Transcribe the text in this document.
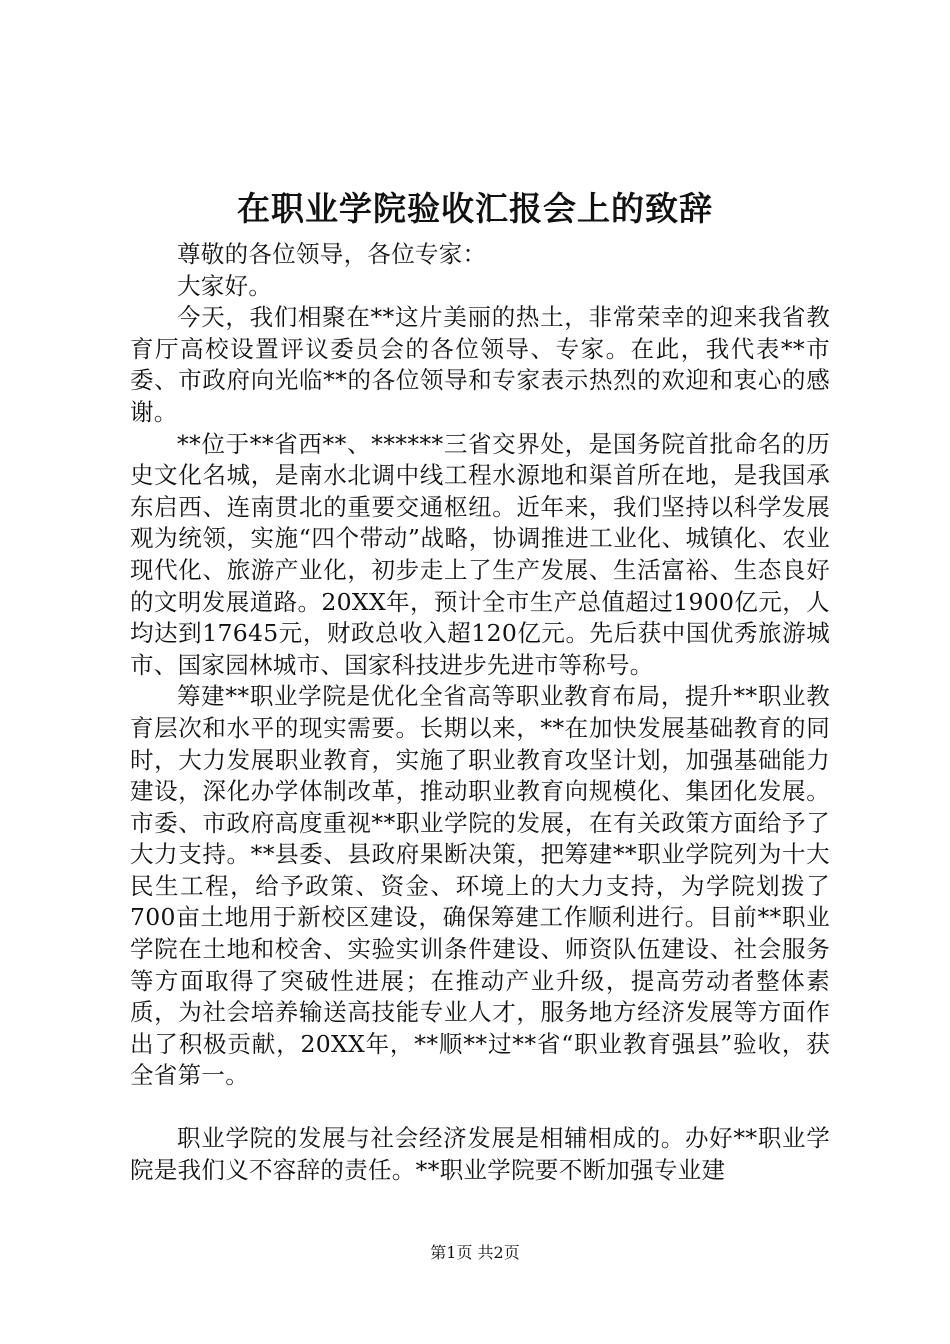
在职业学院验收汇报会上的致辞

尊敬的各位领导，各位专家：

大家好。

今天，我们相聚在**这片美丽的热土，非常荣幸的迎来我省教育厅高校设置评议委员会的各位领导、专家。在此，我代表**市委、市政府向光临**的各位领导和专家表示热烈的欢迎和衷心的感谢。

**位于**省西**、******三省交界处，是国务院首批命名的历史文化名城，是南水北调中线工程水源地和渠首所在地，是我国承东启西、连南贯北的重要交通枢纽。近年来，我们坚持以科学发展观为统领，实施“四个带动”战略，协调推进工业化、城镇化、农业现代化、旅游产业化，初步走上了生产发展、生活富裕、生态良好的文明发展道路。20XX年，预计全市生产总值超过1900亿元，人均达到17645元，财政总收入超120亿元。先后获中国优秀旅游城市、国家园林城市、国家科技进步先进市等称号。

筹建**职业学院是优化全省高等职业教育布局，提升**职业教育层次和水平的现实需要。长期以来，**在加快发展基础教育的同时，大力发展职业教育，实施了职业教育攻坚计划，加强基础能力建设，深化办学体制改革，推动职业教育向规模化、集团化发展。市委、市政府高度重视**职业学院的发展，在有关政策方面给予了大力支持。**县委、县政府果断决策，把筹建**职业学院列为十大民生工程，给予政策、资金、环境上的大力支持，为学院划拨了700亩土地用于新校区建设，确保筹建工作顺利进行。目前**职业学院在土地和校舍、实验实训条件建设、师资队伍建设、社会服务等方面取得了突破性进展；在推动产业升级，提高劳动者整体素质，为社会培养输送高技能专业人才，服务地方经济发展等方面作出了积极贡献，20XX年，**顺**过**省“职业教育强县”验收，获全省第一。

职业学院的发展与社会经济发展是相辅相成的。办好**职业学院是我们义不容辞的责任。**职业学院要不断加强专业建

第1页 共2页
